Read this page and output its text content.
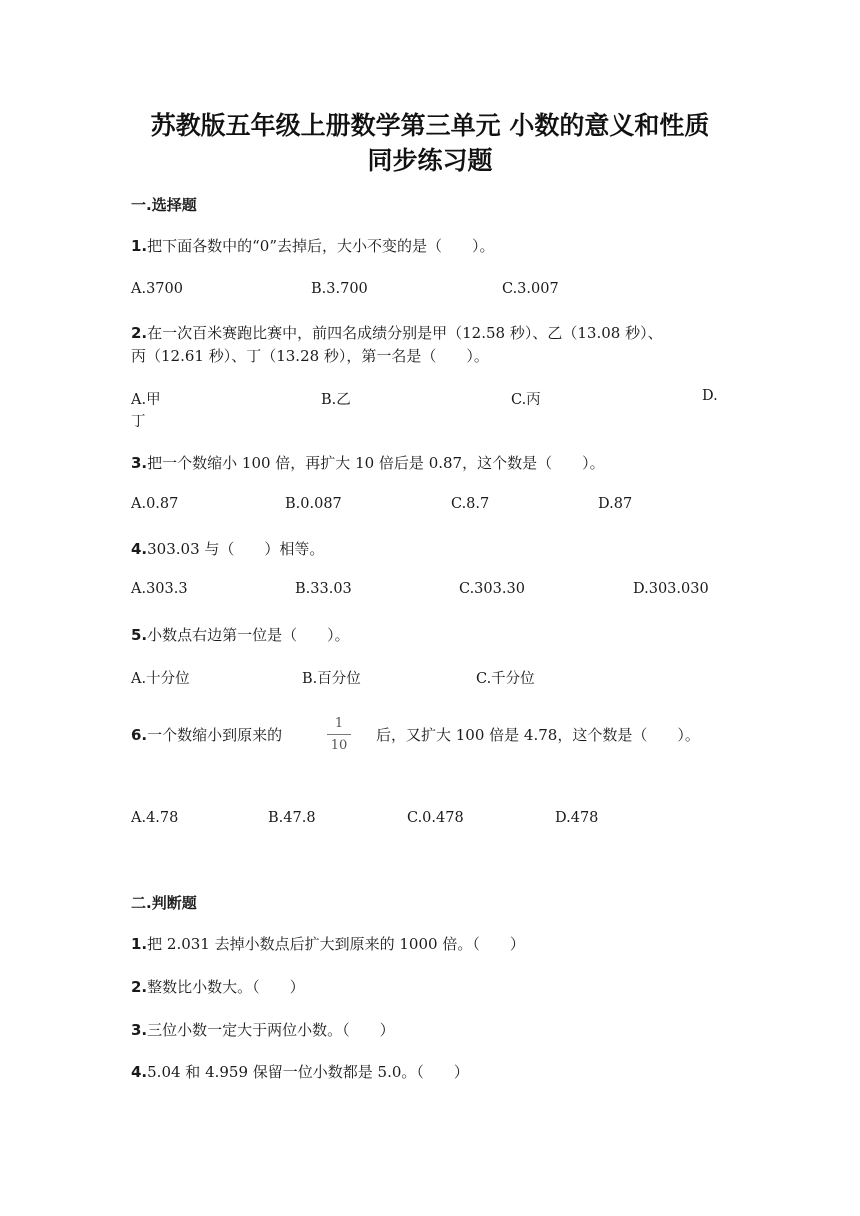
苏教版五年级上册数学第三单元 小数的意义和性质
同步练习题
一.选择题
1.把下面各数中的“0”去掉后，大小不变的是（　　）。
A.3700	B.3.700	C.3.007
2.在一次百米赛跑比赛中，前四名成绩分别是甲（12.58 秒）、乙（13.08 秒）、
丙（12.61 秒）、丁（13.28 秒），第一名是（　　）。
A.甲	B.乙	C.丙	D.
丁
3.把一个数缩小 100 倍，再扩大 10 倍后是 0.87，这个数是（　　）。
A.0.87	B.0.087	C.8.7	D.87
4.303.03 与（　　）相等。
A.303.3	B.33.03	C.303.30	D.303.030
5.小数点右边第一位是（　　）。
A.十分位	B.百分位	C.千分位
6.一个数缩小到原来的
1
10
后，又扩大 100 倍是 4.78，这个数是（　　）。
A.4.78	B.47.8	C.0.478	D.478
二.判断题
1.把 2.031 去掉小数点后扩大到原来的 1000 倍。（　　）
2.整数比小数大。（　　）
3.三位小数一定大于两位小数。（　　）
4.5.04 和 4.959 保留一位小数都是 5.0。（　　）
